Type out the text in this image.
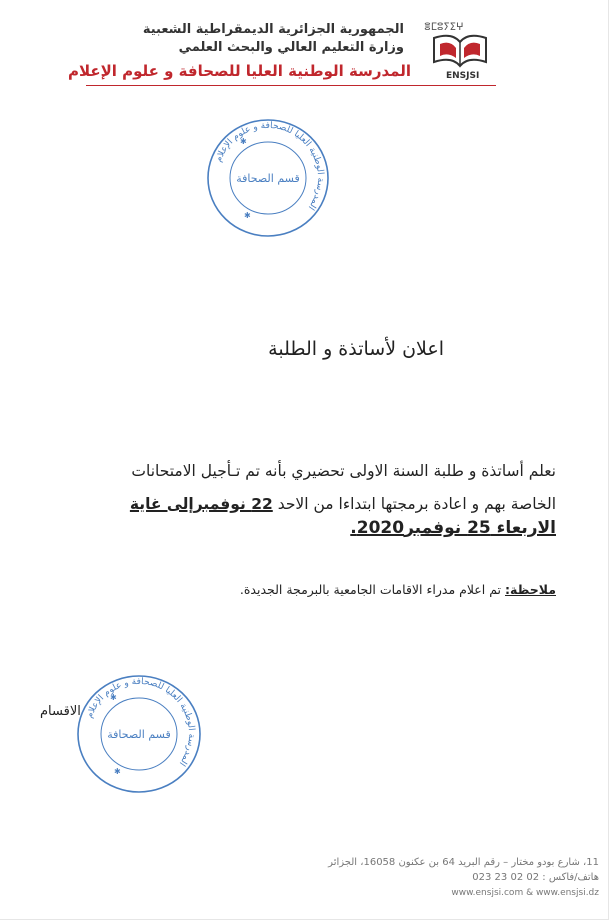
الجمهورية الجزائرية الديمقراطية الشعبية
وزارة التعليم العالي والبحث العلمي
المدرسة الوطنية العليا للصحافة و علوم الإعلام
ⴻⵎⵓⵢⵉⵖ
ENSJSI
المدرسة الوطنية العليا للصحافة و علوم الإعلام
قسم الصحافة
✱
✱
اعلان لأساتذة و الطلبة
نعلم أساتذة و طلبة السنة الاولى تحضيري بأنه تم تـأجيل الامتحانات
الخاصة بهم و اعادة برمجتها ابتداءا من الاحد 22 نوفمبرإلى غاية
الاربعاء 25 نوفمبر2020.
ملاحظة: تم اعلام مدراء الاقامات الجامعية بالبرمجة الجديدة.
الاقسام المدرسة الوطنية العليا للصحافة و علوم الإعلام
قسم الصحافة
✱
✱
11، شارع بودو مختار – رقم البريد 64 بن عكنون 16058، الجزائر
هاتف/فاكس : 02 02 23 023
www.ensjsi.com & www.ensjsi.dz
